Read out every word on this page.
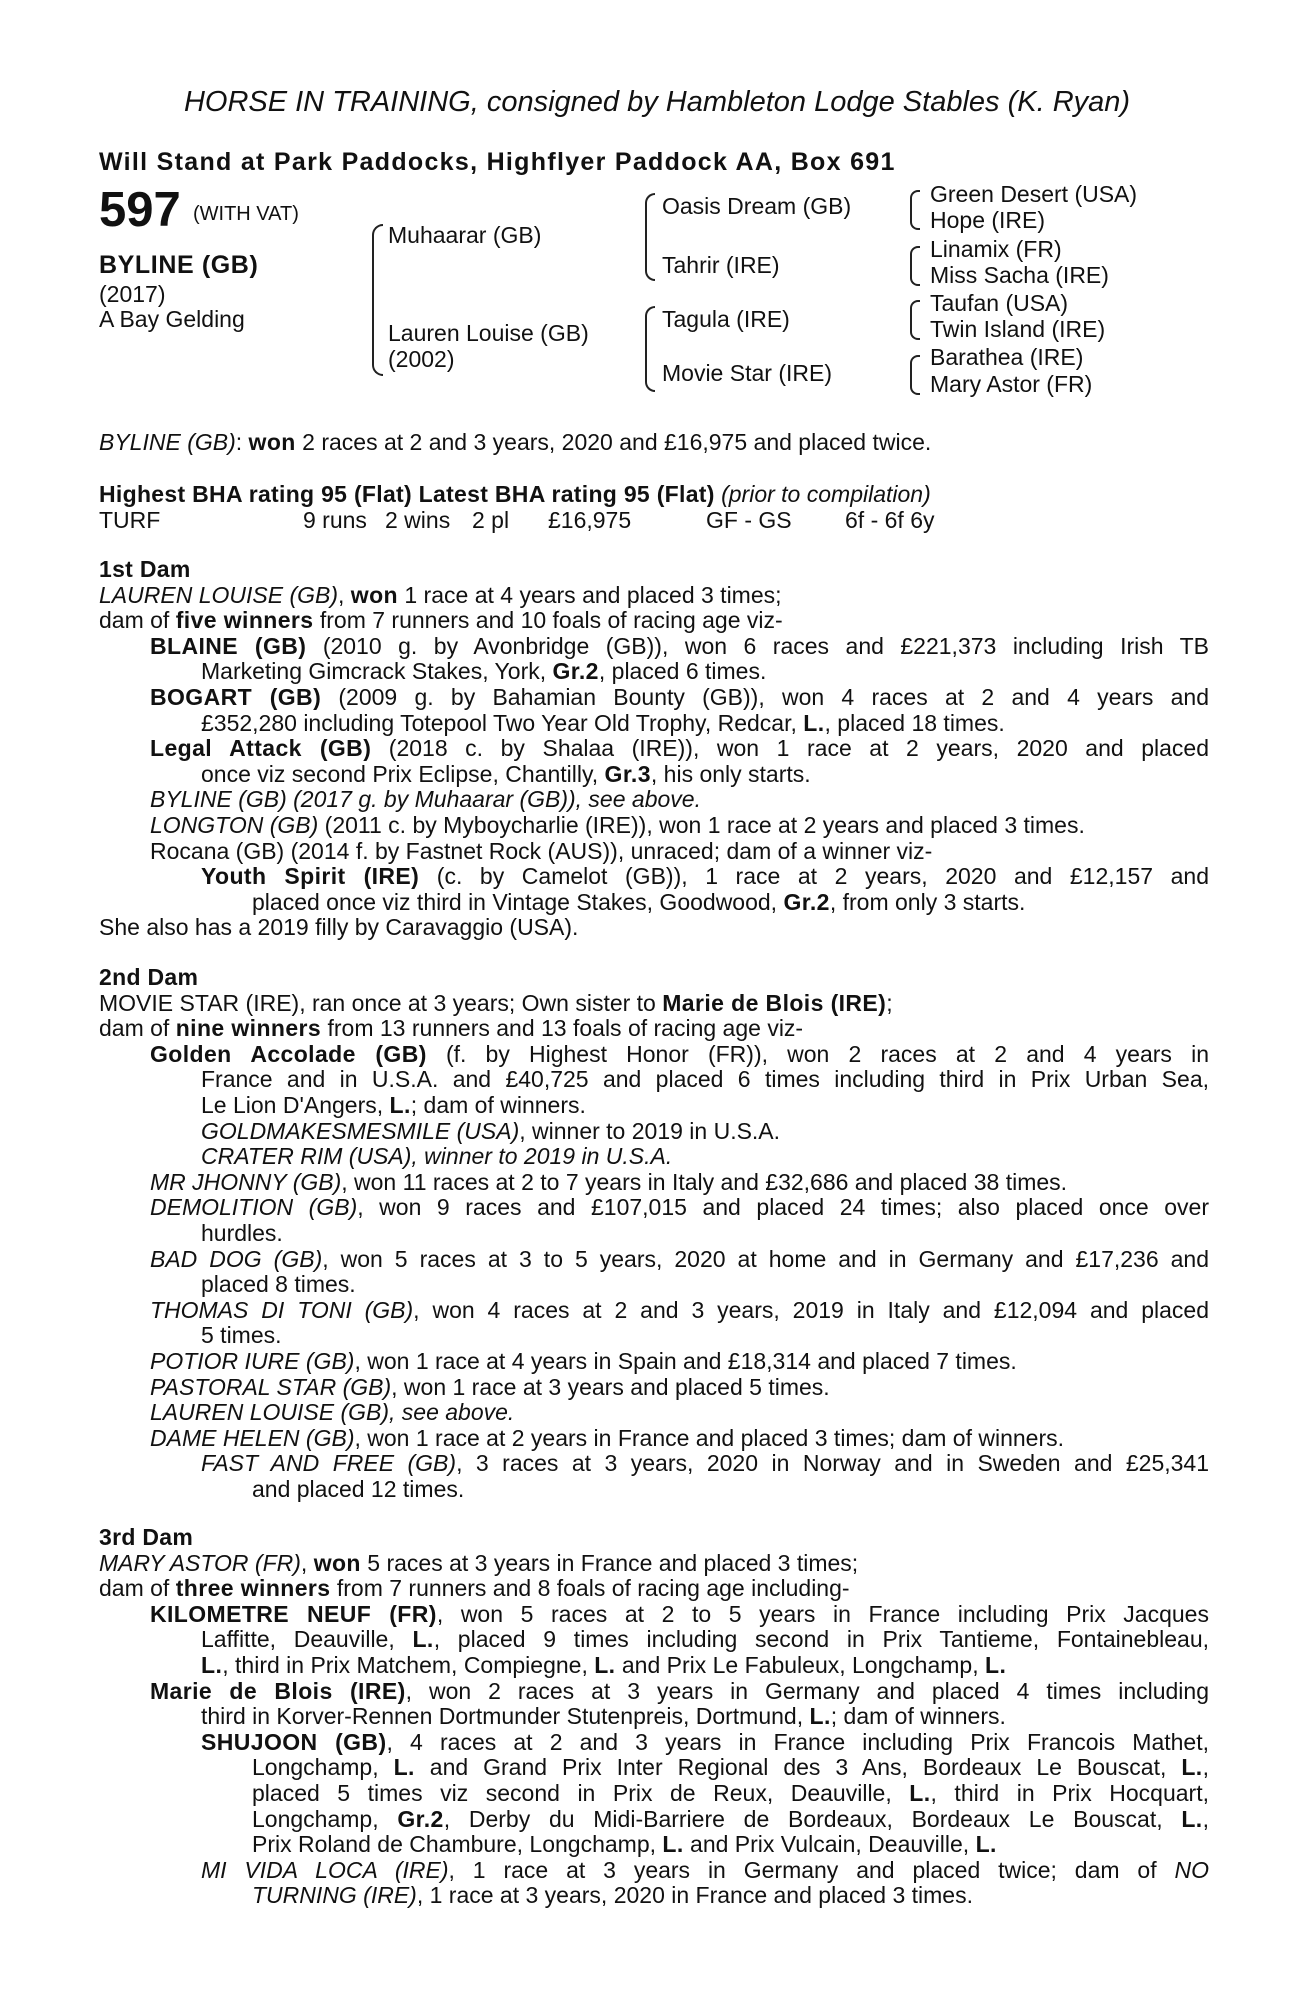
HORSE IN TRAINING, consigned by Hambleton Lodge Stables (K. Ryan)
Will Stand at Park Paddocks, Highflyer Paddock AA, Box 691
597 (WITH VAT)
BYLINE (GB)
(2017)
A Bay Gelding
Muhaarar (GB)
Lauren Louise (GB)
(2002)
Oasis Dream (GB)
Tahrir (IRE)
Tagula (IRE)
Movie Star (IRE)
Green Desert (USA)
Hope (IRE)
Linamix (FR)
Miss Sacha (IRE)
Taufan (USA)
Twin Island (IRE)
Barathea (IRE)
Mary Astor (FR)
BYLINE (GB): won 2 races at 2 and 3 years, 2020 and £16,975 and placed twice.
Highest BHA rating 95 (Flat) Latest BHA rating 95 (Flat) (prior to compilation)
TURF	9 runs 2 wins 2 pl £16,975	GF - GS 6f - 6f 6y
1st Dam
LAUREN LOUISE (GB), won 1 race at 4 years and placed 3 times;
dam of five winners from 7 runners and 10 foals of racing age viz-
BLAINE (GB) (2010 g. by Avonbridge (GB)), won 6 races and £221,373 including Irish TB
Marketing Gimcrack Stakes, York, Gr.2, placed 6 times.
BOGART (GB) (2009 g. by Bahamian Bounty (GB)), won 4 races at 2 and 4 years and
£352,280 including Totepool Two Year Old Trophy, Redcar, L., placed 18 times.
Legal Attack (GB) (2018 c. by Shalaa (IRE)), won 1 race at 2 years, 2020 and placed
once viz second Prix Eclipse, Chantilly, Gr.3, his only starts.
BYLINE (GB) (2017 g. by Muhaarar (GB)), see above.
LONGTON (GB) (2011 c. by Myboycharlie (IRE)), won 1 race at 2 years and placed 3 times.
Rocana (GB) (2014 f. by Fastnet Rock (AUS)), unraced; dam of a winner viz-
Youth Spirit (IRE) (c. by Camelot (GB)), 1 race at 2 years, 2020 and £12,157 and
placed once viz third in Vintage Stakes, Goodwood, Gr.2, from only 3 starts.
She also has a 2019 filly by Caravaggio (USA).
2nd Dam
MOVIE STAR (IRE), ran once at 3 years; Own sister to Marie de Blois (IRE);
dam of nine winners from 13 runners and 13 foals of racing age viz-
Golden Accolade (GB) (f. by Highest Honor (FR)), won 2 races at 2 and 4 years in
France and in U.S.A. and £40,725 and placed 6 times including third in Prix Urban Sea,
Le Lion D'Angers, L.; dam of winners.
GOLDMAKESMESMILE (USA), winner to 2019 in U.S.A.
CRATER RIM (USA), winner to 2019 in U.S.A.
MR JHONNY (GB), won 11 races at 2 to 7 years in Italy and £32,686 and placed 38 times.
DEMOLITION (GB), won 9 races and £107,015 and placed 24 times; also placed once over
hurdles.
BAD DOG (GB), won 5 races at 3 to 5 years, 2020 at home and in Germany and £17,236 and
placed 8 times.
THOMAS DI TONI (GB), won 4 races at 2 and 3 years, 2019 in Italy and £12,094 and placed
5 times.
POTIOR IURE (GB), won 1 race at 4 years in Spain and £18,314 and placed 7 times.
PASTORAL STAR (GB), won 1 race at 3 years and placed 5 times.
LAUREN LOUISE (GB), see above.
DAME HELEN (GB), won 1 race at 2 years in France and placed 3 times; dam of winners.
FAST AND FREE (GB), 3 races at 3 years, 2020 in Norway and in Sweden and £25,341
and placed 12 times.
3rd Dam
MARY ASTOR (FR), won 5 races at 3 years in France and placed 3 times;
dam of three winners from 7 runners and 8 foals of racing age including-
KILOMETRE NEUF (FR), won 5 races at 2 to 5 years in France including Prix Jacques
Laffitte, Deauville, L., placed 9 times including second in Prix Tantieme, Fontainebleau,
L., third in Prix Matchem, Compiegne, L. and Prix Le Fabuleux, Longchamp, L.
Marie de Blois (IRE), won 2 races at 3 years in Germany and placed 4 times including
third in Korver-Rennen Dortmunder Stutenpreis, Dortmund, L.; dam of winners.
SHUJOON (GB), 4 races at 2 and 3 years in France including Prix Francois Mathet,
Longchamp, L. and Grand Prix Inter Regional des 3 Ans, Bordeaux Le Bouscat, L.,
placed 5 times viz second in Prix de Reux, Deauville, L., third in Prix Hocquart,
Longchamp, Gr.2, Derby du Midi-Barriere de Bordeaux, Bordeaux Le Bouscat, L.,
Prix Roland de Chambure, Longchamp, L. and Prix Vulcain, Deauville, L.
MI VIDA LOCA (IRE), 1 race at 3 years in Germany and placed twice; dam of NO
TURNING (IRE), 1 race at 3 years, 2020 in France and placed 3 times.
